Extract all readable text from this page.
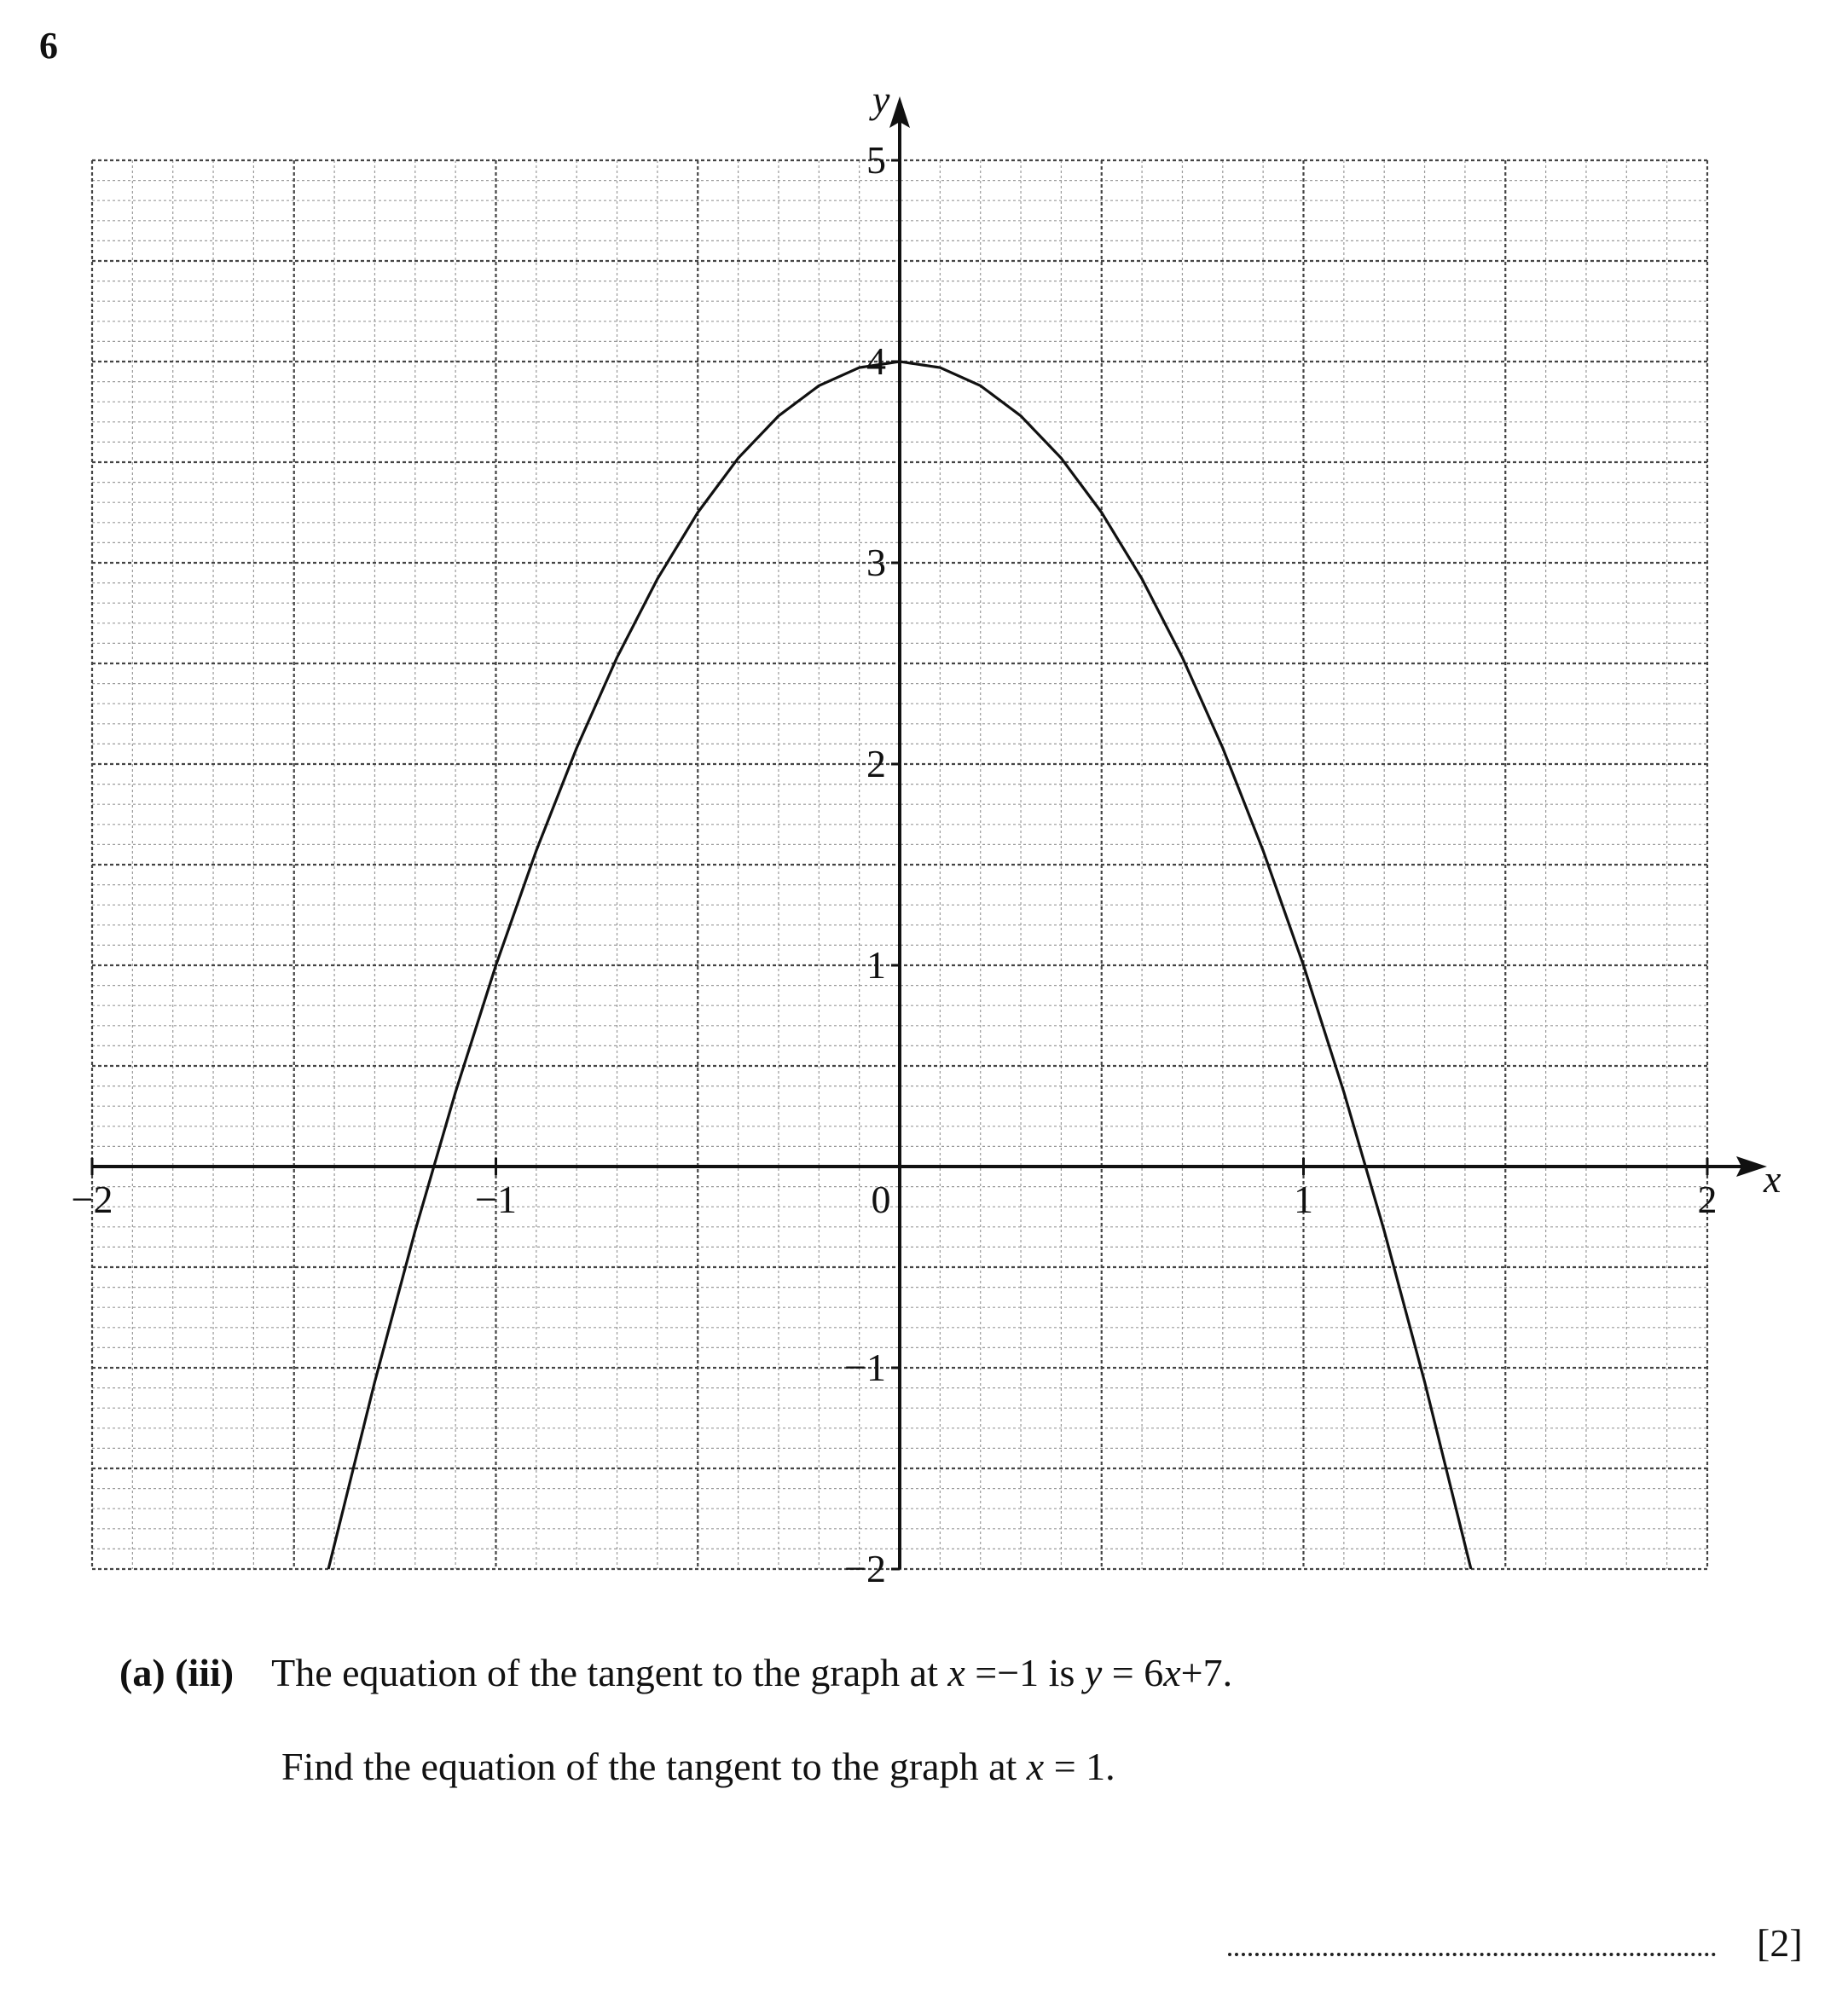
6
−2	−1	0	1	2
−2
−1
1
2
3
4
5
x
y
(a) (iii) The equation of the tangent to the graph at x =−1 is y = 6x+7.
Find the equation of the tangent to the graph at x = 1.
[2]
